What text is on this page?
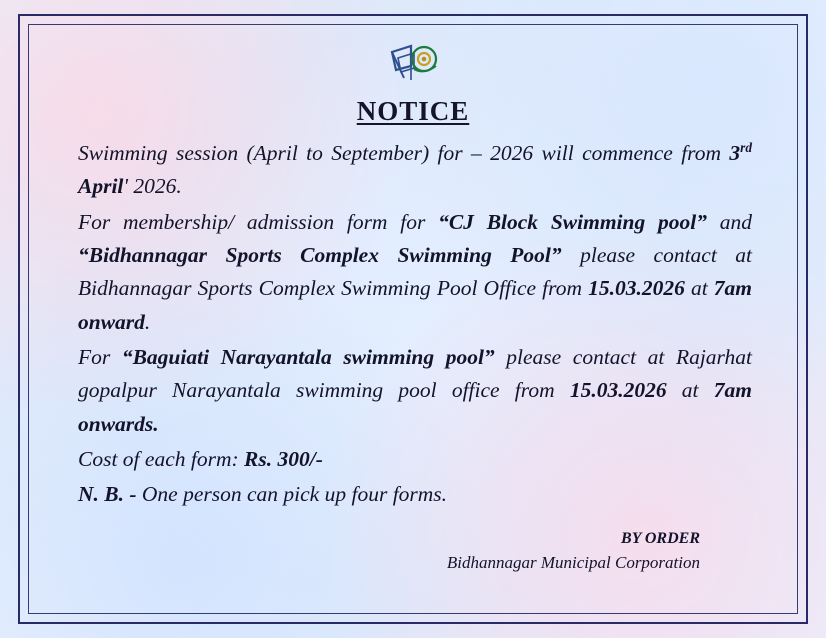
NOTICE

Swimming session (April to September) for – 2026 will commence from 3rd April' 2026.

For membership/ admission form for “CJ Block Swimming pool” and “Bidhannagar Sports Complex Swimming Pool” please contact at Bidhannagar Sports Complex Swimming Pool Office from 15.03.2026 at 7am onward.

For “Baguiati Narayantala swimming pool” please contact at Rajarhat gopalpur Narayantala swimming pool office from 15.03.2026 at 7am onwards.

Cost of each form: Rs. 300/-

N. B. - One person can pick up four forms.

BY ORDER
Bidhannagar Municipal Corporation
